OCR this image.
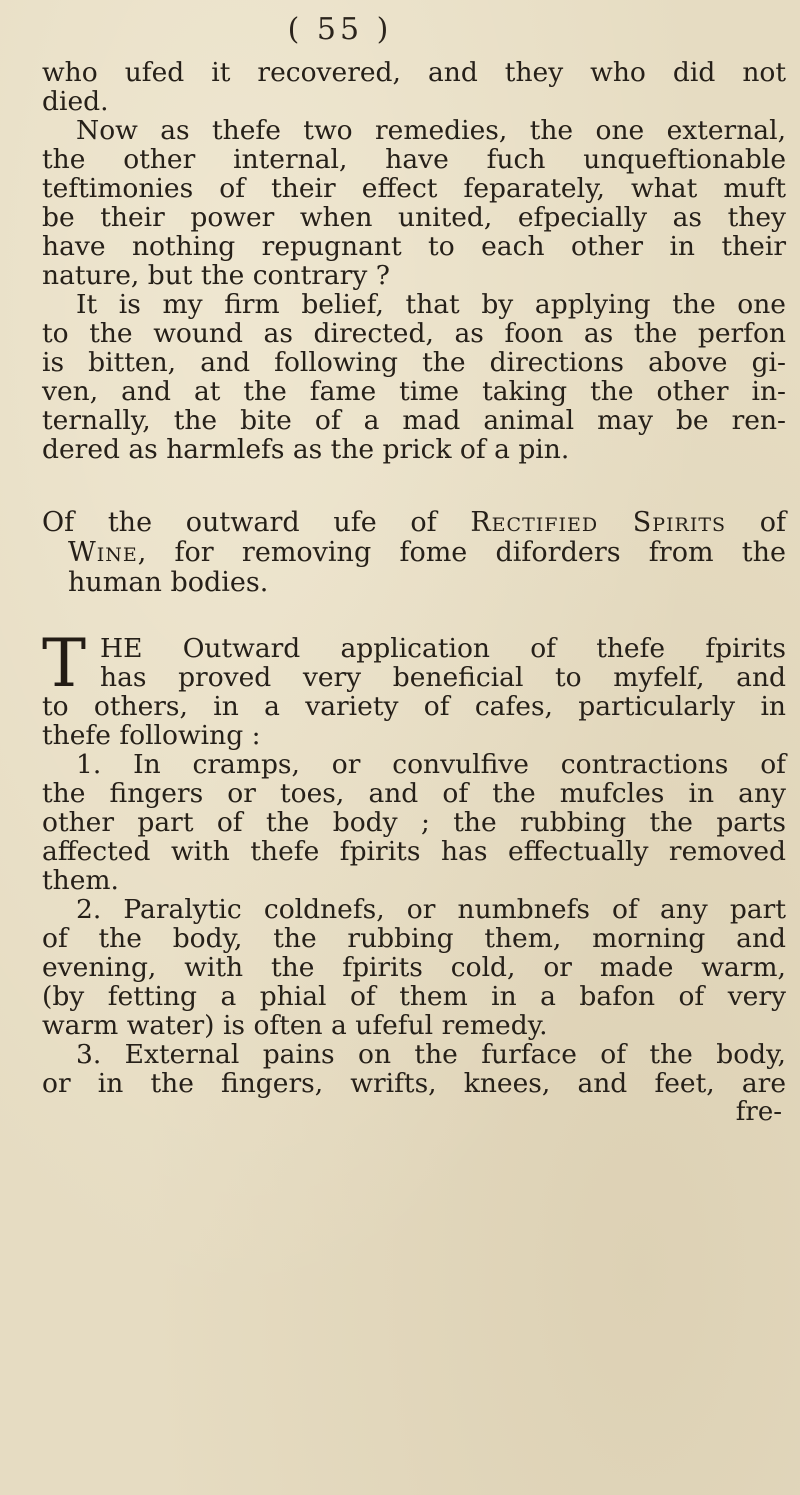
( 55 )
who ufed it recovered, and they who did not
died.
Now as thefe two remedies, the one external,
the other internal, have fuch unqueftionable
teftimonies of their effect feparately, what muft
be their power when united, efpecially as they
have nothing repugnant to each other in their
nature, but the contrary ?
It is my firm belief, that by applying the one
to the wound as directed, as foon as the perfon
is bitten, and following the directions above gi-
ven, and at the fame time taking the other in-
ternally, the bite of a mad animal may be ren-
dered as harmlefs as the prick of a pin.
Of the outward ufe of Rectified Spirits of
Wine, for removing fome diforders from the
human bodies.
T HE Outward application of thefe fpirits
has proved very beneficial to myfelf, and
to others, in a variety of cafes, particularly in
thefe following :
1. In cramps, or convulfive contractions of
the fingers or toes, and of the mufcles in any
other part of the body ; the rubbing the parts
affected with thefe fpirits has effectually removed
them.
2. Paralytic coldnefs, or numbnefs of any part
of the body, the rubbing them, morning and
evening, with the fpirits cold, or made warm,
(by fetting a phial of them in a bafon of very
warm water) is often a ufeful remedy.
3. External pains on the furface of the body,
or in the fingers, wrifts, knees, and feet, are
fre-
